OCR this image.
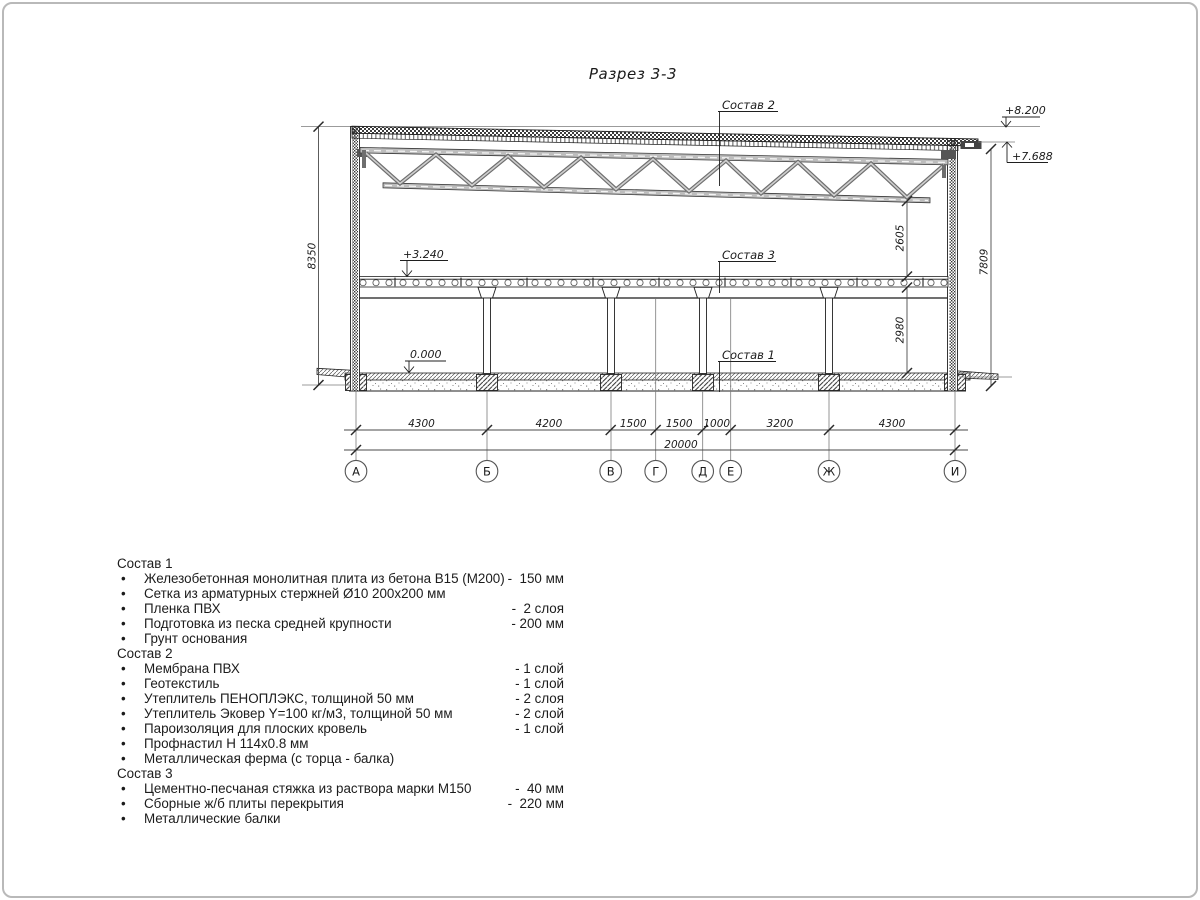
Разрез 3-3
Состав 2
Состав 3
Состав 1
+8.200
+7.688
+3.240
0.000
8350	7809
2605
2980
4300	4200	1500 1500 1000	3200	4300
20000
А	Б	В	Г	Д Е	Ж	И
Состав 1
•	Железобетонная монолитная плита из бетона В15 (М200) -  150 мм
•	Сетка из арматурных стержней Ø10 200x200 мм
•	Пленка ПВХ	-  2 слоя
•	Подготовка из песка средней крупности	- 200 мм
•	Грунт основания
Состав 2
•	Мембрана ПВХ	- 1 слой
•	Геотекстиль	- 1 слой
•	Утеплитель ПЕНОПЛЭКС, толщиной 50 мм	- 2 слоя
•	Утеплитель Эковер Y=100 кг/м3, толщиной 50 мм	- 2 слой
•	Пароизоляция для плоских кровель	- 1 слой
•	Профнастил Н 114x0.8 мм
•	Металлическая ферма (с торца - балка)
Состав 3
•	Цементно-песчаная стяжка из раствора марки М150	-  40 мм
•	Сборные ж/б плиты перекрытия	-  220 мм
•	Металлические балки
